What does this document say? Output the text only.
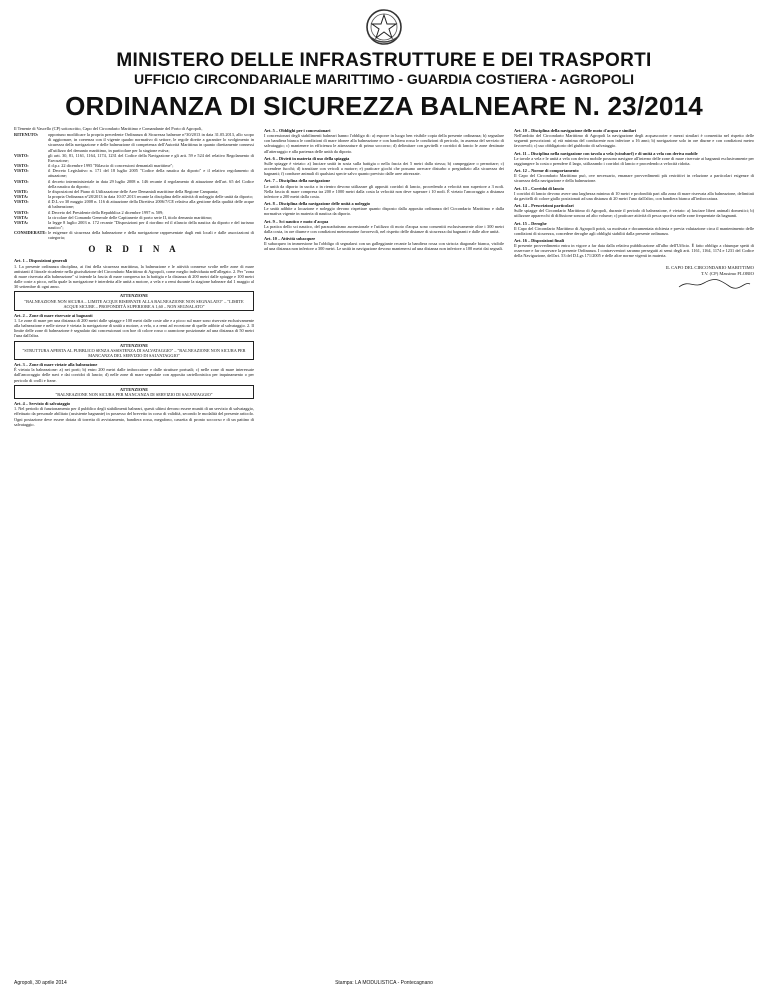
MINISTERO DELLE INFRASTRUTTURE E DEI TRASPORTI
UFFICIO CIRCONDARIALE MARITTIMO - GUARDIA COSTIERA - AGROPOLI
ORDINANZA DI SICUREZZA BALNEARE N. 23/2014

Il Tenente di Vascello (CP) sottoscritto, Capo del Circondario Marittimo e Comandante del Porto di Agropoli,

RITENUTO:	opportuno modificare la propria precedente Ordinanza di Sicurezza balneare n°30/2013 in data 31.05.2013, allo scopo di aggiornare, in coerenza con il vigente quadro normativo di settore, le regole dirette a garantire lo svolgimento in sicurezza della navigazione e delle balneazione di competenza dell'Autorità Marittima in quanto direttamente connessi all'utilizzo del demanio marittimo, in particolare per la stagione estiva;
VISTO:	gli artt. 30, 81, 1161, 1164, 1174, 1231 del Codice della Navigazione e gli artt. 59 e 524 del relativo Regolamento di Esecuzione;
VISTO:	il d.p.r. 22 dicembre 1995 "Rilascio di concessioni demaniali marittime";
VISTO:	il Decreto Legislativo n. 171 del 18 luglio 2005 "Codice della nautica da diporto" e il relativo regolamento di attuazione;
VISTO:	il decreto interministeriale in data 29 luglio 2008 n. 146 recante il regolamento di attuazione dell'art. 65 del Codice della nautica da diporto;
VISTE:	le disposizioni del Piano di Utilizzazione delle Aree Demaniali marittime della Regione Campania;
VISTA:	la propria Ordinanza n°28/2013 in data 10.07.2013 recante la disciplina delle attività di noleggio delle unità da diporto;
VISTO:	il D.L.vo 30 maggio 2008 n. 116 di attuazione della Direttiva 2006/7/CE relativa alla gestione della qualità delle acque di balneazione;
VISTO:	il Decreto del Presidente della Repubblica 2 dicembre 1997 n. 509;
VISTA:	la circolare del Comando Generale delle Capitanerie di porto serie II, titolo demanio marittimo;
VISTA:	la legge 8 luglio 2003 n. 172 recante "Disposizioni per il riordino ed il rilancio della nautica da diporto e del turismo nautico";
CONSIDERATE: le esigenze di sicurezza della balneazione e della navigazione rappresentate dagli enti locali e dalle associazioni di categoria;
O R D I N A
Art. 1 – Disposizioni generali

1. La presente ordinanza disciplina, ai fini della sicurezza marittima, la balneazione e le attività connesse svolte nelle zone di mare antistanti il litorale ricadente nella giurisdizione del Circondario Marittimo di Agropoli, come meglio individuata nell'allegato. 2. Per "zona di mare riservata alla balneazione" si intende la fascia di mare compresa tra la battigia e la distanza di 200 metri dalle spiagge e 100 metri dalle coste a picco, nella quale la navigazione è interdetta alle unità a motore, a vela e a remi durante la stagione balneare dal 1 maggio al 30 settembre di ogni anno.

ATTENZIONE
"BALNEAZIONE NON SICURA – LIMITE ACQUE RISERVATE ALLA BALNEAZIONE NON SEGNALATO" – "LIMITE ACQUE SICURE – PROFONDITÀ SUPERIORE A 1,60 – NON SEGNALATO"
Art. 2 – Zone di mare riservate ai bagnanti

1. Le zone di mare per una distanza di 200 metri dalle spiagge e 100 metri dalle coste alte e a picco sul mare sono riservate esclusivamente alla balneazione e nelle stesse è vietata la navigazione di unità a motore, a vela, o a remi ad eccezione di quelle adibite al salvataggio. 2. Il limite delle zone di balneazione è segnalato dai concessionari con boe di colore rosso o arancione posizionate ad una distanza di 50 metri l'una dall'altra.

ATTENZIONE
"STRUTTURA APERTA AL PUBBLICO SENZA ASSISTENZA DI SALVATAGGIO" – "BALNEAZIONE NON SICURA PER MANCANZA DEL SERVIZIO DI SALVATAGGIO"
Art. 3 – Zone di mare vietate alla balneazione

È vietata la balneazione: a) nei porti; b) entro 200 metri dalle imboccature e dalle strutture portuali; c) nelle zone di mare interessate dall'ancoraggio delle navi e dai corridoi di lancio; d) nelle zone di mare segnalate con apposita cartellonistica per inquinamento o per pericolo di crolli e frane.

ATTENZIONE
"BALNEAZIONE NON SICURA PER MANCANZA DI SERVIZIO DI SALVATAGGIO"
Art. 4 – Servizio di salvataggio

1. Nel periodo di funzionamento per il pubblico degli stabilimenti balneari, questi ultimi devono essere muniti di un servizio di salvataggio, effettuato da personale abilitato (assistente bagnante) in possesso del brevetto in corso di validità, secondo le modalità del presente articolo. Ogni postazione deve essere dotata di torretta di avvistamento, bandiera rossa, megafono, cassetta di pronto soccorso e di un pattino di salvataggio.

Art. 5 – Obblighi per i concessionari

I concessionari degli stabilimenti balneari hanno l'obbligo di: a) esporre in luogo ben visibile copia della presente ordinanza; b) segnalare con bandiera bianca le condizioni di mare idonee alla balneazione e con bandiera rossa le condizioni di pericolo, in assenza del servizio di salvataggio; c) mantenere in efficienza le attrezzature di primo soccorso; d) delimitare con gavitelli e corridoi di lancio le zone destinate all'atterraggio e alla partenza delle unità da diporto.

Art. 6 – Divieti in materia di uso della spiaggia

Sulle spiagge è vietato: a) lasciare unità in sosta sulla battigia o nella fascia dei 5 metri dalla stessa; b) campeggiare o pernottare; c) accendere fuochi; d) transitare con veicoli a motore; e) praticare giochi che possano arrecare disturbo o pregiudizio alla sicurezza dei bagnanti; f) condurre animali di qualsiasi specie salvo quanto previsto dalle aree attrezzate.

Art. 7 – Disciplina della navigazione

Le unità da diporto in uscita o in rientro devono utilizzare gli appositi corridoi di lancio, procedendo a velocità non superiore a 3 nodi. Nella fascia di mare compresa tra 200 e 1000 metri dalla costa la velocità non deve superare i 10 nodi. È vietato l'ancoraggio a distanza inferiore a 200 metri dalla costa.

Art. 8 – Disciplina della navigazione delle unità a noleggio

Le unità adibite a locazione e noleggio devono rispettare quanto disposto dalla apposita ordinanza del Circondario Marittimo e dalla normativa vigente in materia di nautica da diporto.

Art. 9 – Sci nautico e moto d'acqua

La pratica dello sci nautico, del paracadutismo ascensionale e l'utilizzo di moto d'acqua sono consentiti esclusivamente oltre i 300 metri dalla costa, in ore diurne e con condizioni meteomarine favorevoli, nel rispetto delle distanze di sicurezza dai bagnanti e dalle altre unità.

Art. 10 – Attività subacquee

Il subacqueo in immersione ha l'obbligo di segnalarsi con un galleggiante recante la bandiera rossa con striscia diagonale bianca, visibile ad una distanza non inferiore a 300 metri. Le unità in navigazione devono mantenersi ad una distanza non inferiore a 100 metri dai segnali.

Art. 10 – Disciplina della navigazione delle moto d'acqua e similari

Nell'ambito del Circondario Marittimo di Agropoli la navigazione degli acquascooter e mezzi similari è consentita nel rispetto delle seguenti prescrizioni: a) età minima del conducente non inferiore a 16 anni; b) navigazione solo in ore diurne e con condizioni meteo favorevoli; c) uso obbligatorio del giubbotto di salvataggio.

Art. 11 – Disciplina nella navigazione con tavola a vela (windsurf) e di unità a vela con deriva mobile

Le tavole a vela e le unità a vela con deriva mobile possono navigare all'interno delle zone di mare riservate ai bagnanti esclusivamente per raggiungere la costa o prendere il largo, utilizzando i corridoi di lancio e procedendo a velocità ridotta.

Art. 12 – Norme di comportamento

Il Capo del Circondario Marittimo può, ove necessario, emanare provvedimenti più restrittivi in relazione a particolari esigenze di sicurezza della navigazione e della balneazione.

Art. 13 – Corridoi di lancio

I corridoi di lancio devono avere una larghezza minima di 10 metri e profondità pari alla zona di mare riservata alla balneazione, delimitati da gavitelli di colore giallo posizionati ad una distanza di 20 metri l'uno dall'altro, con bandiera bianca all'imboccatura.

Art. 14 – Prescrizioni particolari

Sulle spiagge del Circondario Marittimo di Agropoli, durante il periodo di balneazione, è vietato: a) lasciare liberi animali domestici; b) utilizzare apparecchi di diffusione sonora ad alto volume; c) praticare attività di pesca sportiva nelle zone frequentate da bagnanti.

Art. 15 – Deroghe

Il Capo del Circondario Marittimo di Agropoli potrà, su motivata e documentata richiesta e previa valutazione circa il mantenimento delle condizioni di sicurezza, concedere deroghe agli obblighi stabiliti dalla presente ordinanza.

Art. 16 – Disposizioni finali

Il presente provvedimento entra in vigore a far data dalla relativa pubblicazione all'albo dell'Ufficio. È fatto obbligo a chiunque spetti di osservare e far osservare la presente Ordinanza. I contravventori saranno perseguiti ai sensi degli artt. 1161, 1164, 1174 e 1231 del Codice della Navigazione, dell'art. 53 del D.Lgs 171/2005 e delle altre norme vigenti in materia.

IL CAPO DEL CIRCONDARIO MARITTIMO
T.V. (CP) Massimo FLORIO
Agropoli, 30 aprile 2014	Stampa: LA MODULISTICA - Pontecagnano
